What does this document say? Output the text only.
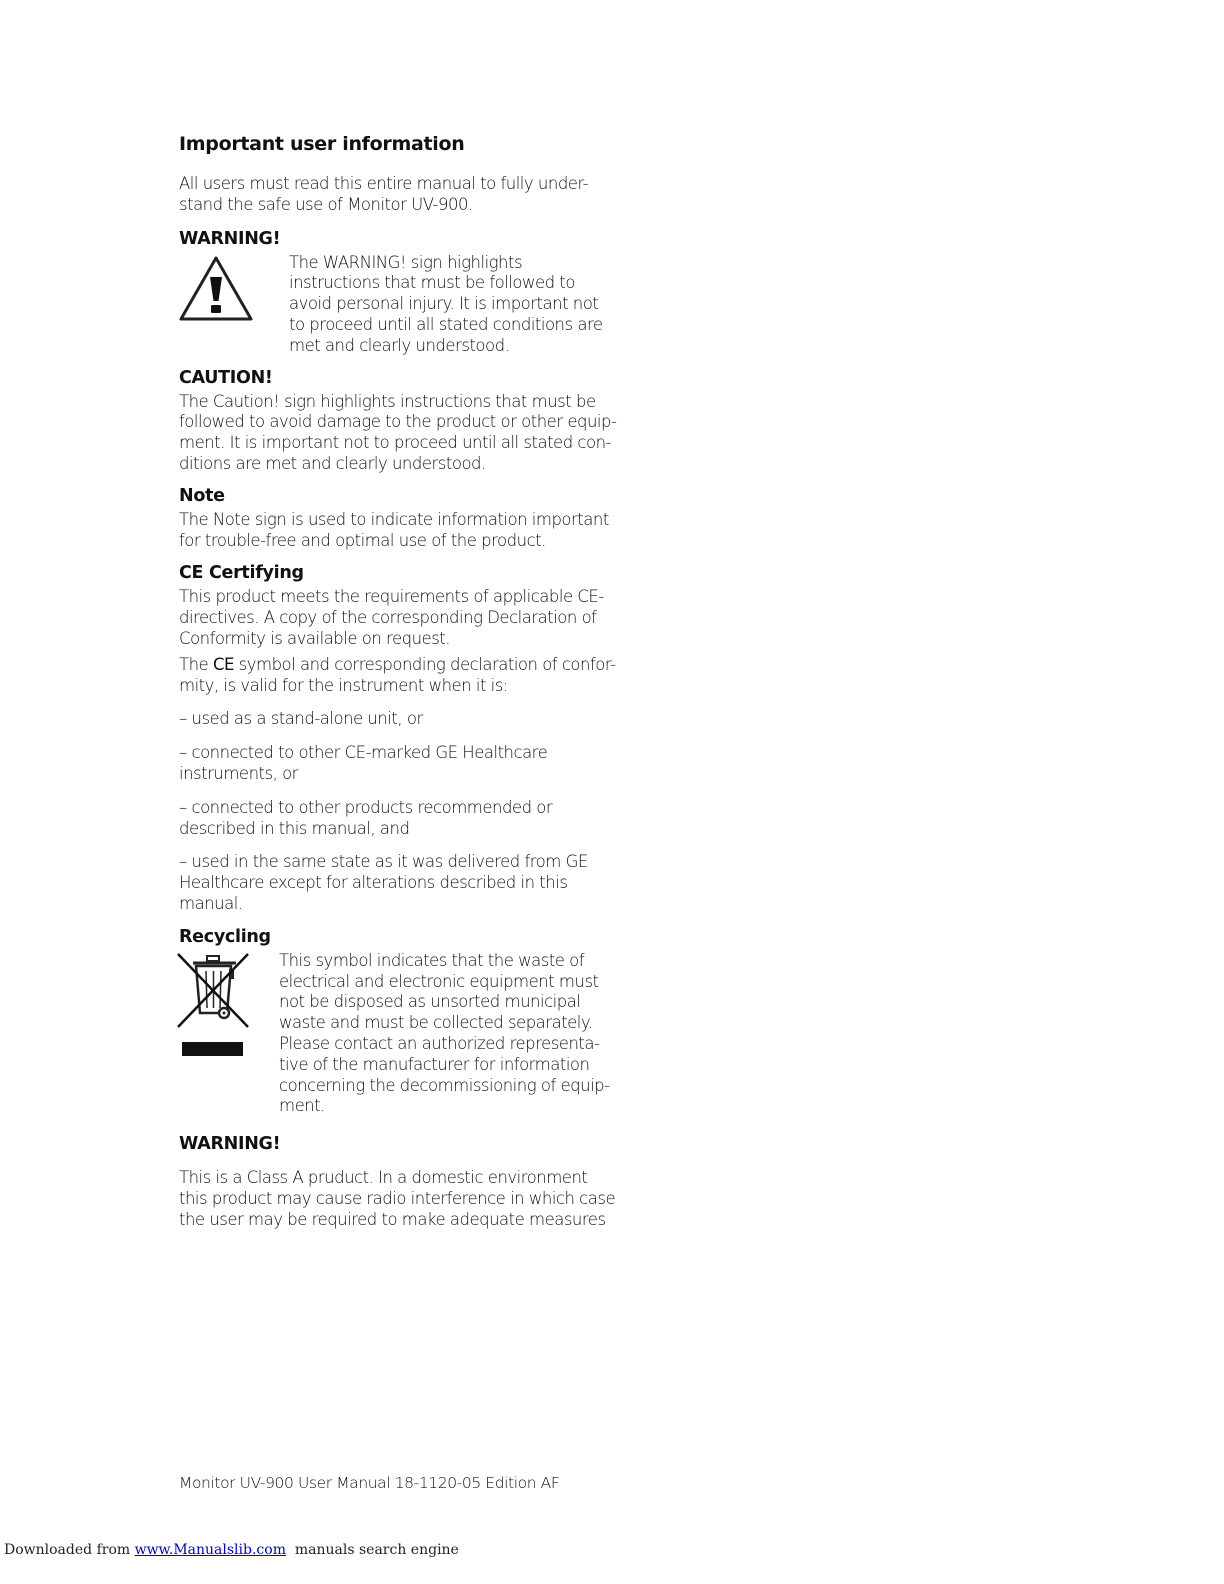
Important user information

All users must read this entire manual to fully under-stand the safe use of Monitor UV-900.

WARNING!

The WARNING! sign highlights instructions that must be followed to avoid personal injury. It is important not to proceed until all stated conditions are met and clearly understood.

CAUTION!

The Caution! sign highlights instructions that must be followed to avoid damage to the product or other equip-ment. It is important not to proceed until all stated con-ditions are met and clearly understood.

Note

The Note sign is used to indicate information important for trouble-free and optimal use of the product.

CE Certifying

This product meets the requirements of applicable CE-directives. A copy of the corresponding Declaration of Conformity is available on request.

The CE symbol and corresponding declaration of confor-mity, is valid for the instrument when it is:

– used as a stand-alone unit, or

– connected to other CE-marked GE Healthcare instruments, or

– connected to other products recommended or described in this manual, and

– used in the same state as it was delivered from GE Healthcare except for alterations described in this manual.

Recycling

This symbol indicates that the waste of electrical and electronic equipment must not be disposed as unsorted municipal waste and must be collected separately. Please contact an authorized representa-tive of the manufacturer for information concerning the decommissioning of equip-ment.

WARNING!

This is a Class A pruduct. In a domestic environment this product may cause radio interference in which case the user may be required to make adequate measures

Monitor UV-900 User Manual 18-1120-05 Edition AF

Downloaded from www.Manualslib.com  manuals search engine
